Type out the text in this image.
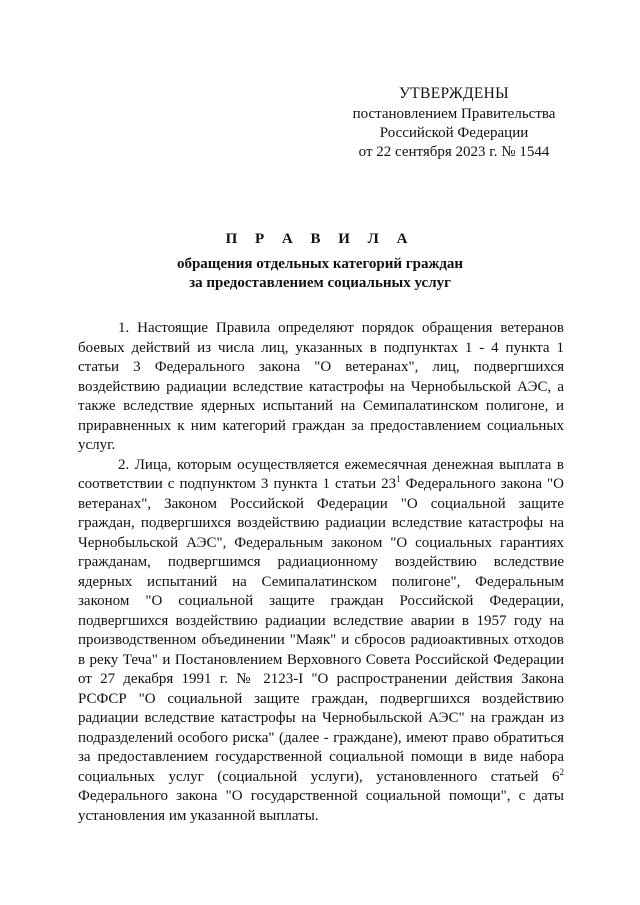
УТВЕРЖДЕНЫ
постановлением Правительства
Российской Федерации
от 22 сентября 2023 г. № 1544
П Р А В И Л А
обращения отдельных категорий граждан
за предоставлением социальных услуг

1. Настоящие Правила определяют порядок обращения ветеранов боевых действий из числа лиц, указанных в подпунктах 1 - 4 пункта 1 статьи 3 Федерального закона "О ветеранах", лиц, подвергшихся воздействию радиации вследствие катастрофы на Чернобыльской АЭС, а также вследствие ядерных испытаний на Семипалатинском полигоне, и приравненных к ним категорий граждан за предоставлением социальных услуг.

2. Лица, которым осуществляется ежемесячная денежная выплата в соответствии с подпунктом 3 пункта 1 статьи $23^1$ Федерального закона "О ветеранах", Законом Российской Федерации "О социальной защите граждан, подвергшихся воздействию радиации вследствие катастрофы на Чернобыльской АЭС", Федеральным законом "О социальных гарантиях гражданам, подвергшимся радиационному воздействию вследствие ядерных испытаний на Семипалатинском полигоне", Федеральным законом "О социальной защите граждан Российской Федерации, подвергшихся воздействию радиации вследствие аварии в 1957 году на производственном объединении "Маяк" и сбросов радиоактивных отходов в реку Теча" и Постановлением Верховного Совета Российской Федерации от 27 декабря 1991 г. № 2123-I "О распространении действия Закона РСФСР "О социальной защите граждан, подвергшихся воздействию радиации вследствие катастрофы на Чернобыльской АЭС" на граждан из подразделений особого риска" (далее - граждане), имеют право обратиться за предоставлением государственной социальной помощи в виде набора социальных услуг (социальной услуги), установленного статьей $6^2$ Федерального закона "О государственной социальной помощи", с даты установления им указанной выплаты.
